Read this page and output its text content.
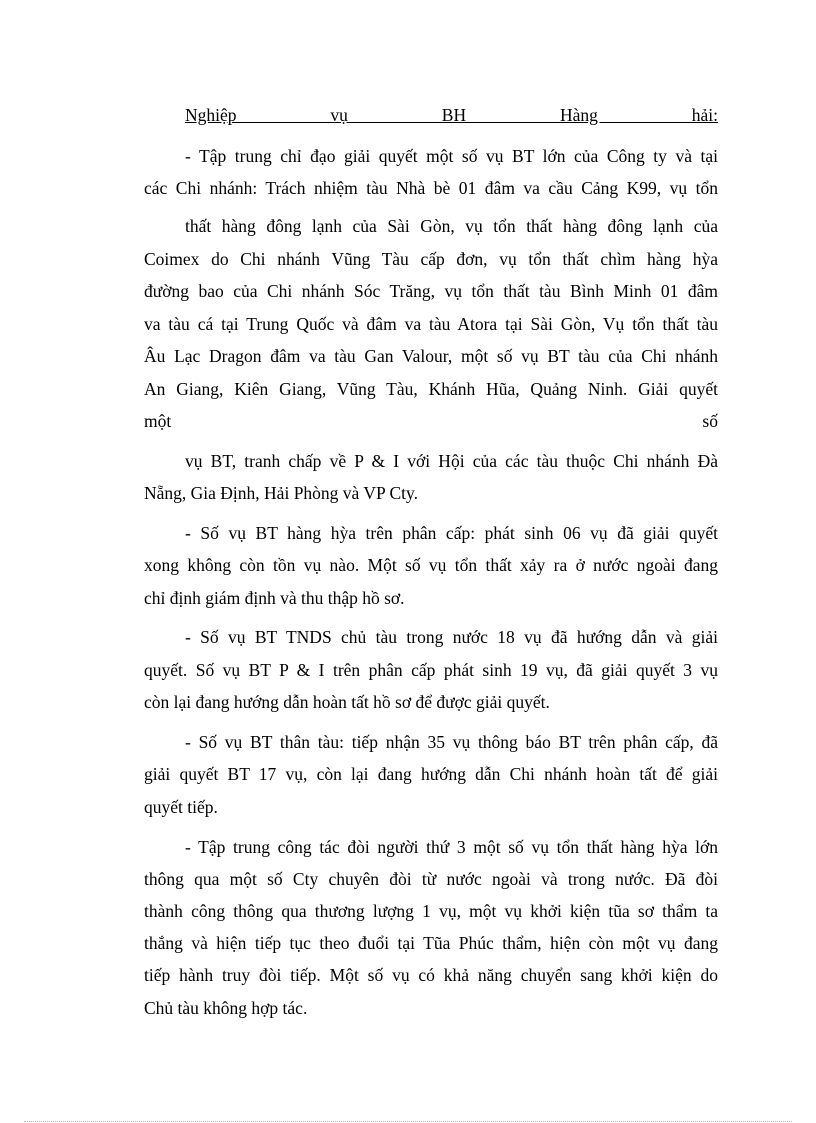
Nghiệp vụ BH Hàng hải:
- Tập trung chỉ đạo giải quyết một số vụ BT lớn của Công ty và tại
các Chi nhánh: Trách nhiệm tàu Nhà bè 01 đâm va cầu Cảng K99, vụ tổn
thất hàng đông lạnh của Sài Gòn, vụ tổn thất hàng đông lạnh của
Coimex do Chi nhánh Vũng Tàu cấp đơn, vụ tổn thất chìm hàng hỳa
đường bao của Chi nhánh Sóc Trăng, vụ tổn thất tàu Bình Minh 01 đâm
va tàu cá tại Trung Quốc và đâm va tàu Atora tại Sài Gòn, Vụ tổn thất tàu
Âu Lạc Dragon đâm va tàu Gan Valour, một số vụ BT tàu của Chi nhánh
An Giang, Kiên Giang, Vũng Tàu, Khánh Hũa, Quảng Ninh. Giải quyết
một số
vụ BT, tranh chấp về P & I với Hội của các tàu thuộc Chi nhánh Đà
Nẵng, Gia Định, Hải Phòng và VP Cty.
- Số vụ BT hàng hỳa trên phân cấp: phát sinh 06 vụ đã giải quyết
xong không còn tồn vụ nào. Một số vụ tổn thất xảy ra ở nước ngoài đang
chỉ định giám định và thu thập hồ sơ.
- Số vụ BT TNDS chủ tàu trong nước 18 vụ đã hướng dẫn và giải
quyết. Số vụ BT P & I trên phân cấp phát sinh 19 vụ, đã giải quyết 3 vụ
còn lại đang hướng dẫn hoàn tất hồ sơ để được giải quyết.
- Số vụ BT thân tàu: tiếp nhận 35 vụ thông báo BT trên phân cấp, đã
giải quyết BT 17 vụ, còn lại đang hướng dẫn Chi nhánh hoàn tất để giải
quyết tiếp.
- Tập trung công tác đòi người thứ 3 một số vụ tổn thất hàng hỳa lớn
thông qua một số Cty chuyên đòi từ nước ngoài và trong nước. Đã đòi
thành công thông qua thương lượng 1 vụ, một vụ khởi kiện tũa sơ thẩm ta
thắng và hiện tiếp tục theo đuổi tại Tũa Phúc thẩm, hiện còn một vụ đang
tiếp hành truy đòi tiếp. Một số vụ có khả năng chuyển sang khởi kiện do
Chủ tàu không hợp tác.
